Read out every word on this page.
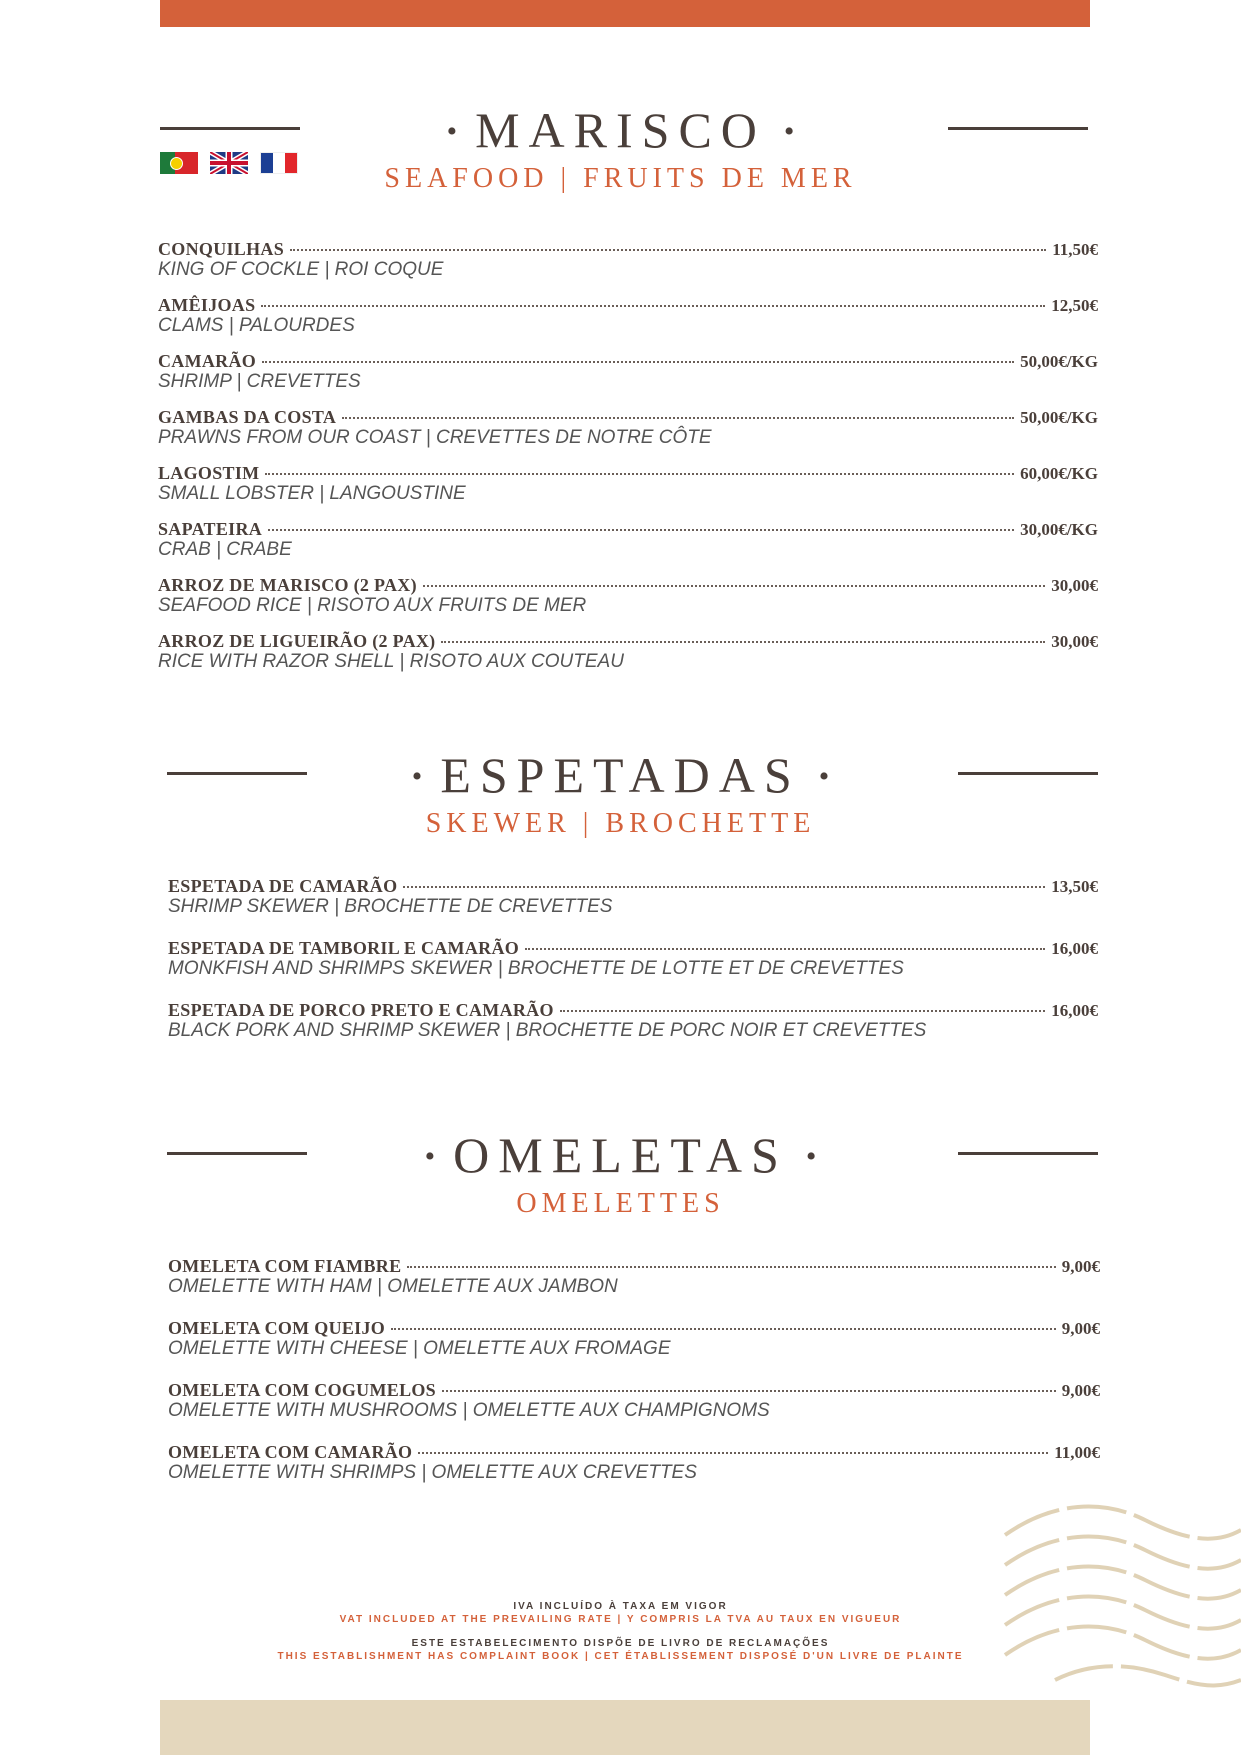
• MARISCO •
SEAFOOD | FRUITS DE MER
CONQUILHAS	11,50€
KING OF COCKLE | ROI COQUE
AMÊIJOAS	12,50€
CLAMS | PALOURDES
CAMARÃO	50,00€/KG
SHRIMP | CREVETTES
GAMBAS DA COSTA	50,00€/KG
PRAWNS FROM OUR COAST | CREVETTES DE NOTRE CÔTE
LAGOSTIM	60,00€/KG
SMALL LOBSTER | LANGOUSTINE
SAPATEIRA	30,00€/KG
CRAB | CRABE
ARROZ DE MARISCO (2 PAX)	30,00€
SEAFOOD RICE | RISOTO AUX FRUITS DE MER
ARROZ DE LIGUEIRÃO (2 PAX)	30,00€
RICE WITH RAZOR SHELL | RISOTO AUX COUTEAU
• ESPETADAS •
SKEWER | BROCHETTE
ESPETADA DE CAMARÃO	13,50€
SHRIMP SKEWER | BROCHETTE DE CREVETTES
ESPETADA DE TAMBORIL E CAMARÃO	16,00€
MONKFISH AND SHRIMPS SKEWER | BROCHETTE DE LOTTE ET DE CREVETTES
ESPETADA DE PORCO PRETO E CAMARÃO	16,00€
BLACK PORK AND SHRIMP SKEWER | BROCHETTE DE PORC NOIR ET CREVETTES
• OMELETAS •
OMELETTES
OMELETA COM FIAMBRE	9,00€
OMELETTE WITH HAM | OMELETTE AUX JAMBON
OMELETA COM QUEIJO	9,00€
OMELETTE WITH CHEESE | OMELETTE AUX FROMAGE
OMELETA COM COGUMELOS	9,00€
OMELETTE WITH MUSHROOMS | OMELETTE AUX CHAMPIGNOMS
OMELETA COM CAMARÃO	11,00€
OMELETTE WITH SHRIMPS | OMELETTE AUX CREVETTES
IVA INCLUÍDO À TAXA EM VIGOR
VAT INCLUDED AT THE PREVAILING RATE | Y COMPRIS LA TVA AU TAUX EN VIGUEUR
ESTE ESTABELECIMENTO DISPÕE DE LIVRO DE RECLAMAÇÕES
THIS ESTABLISHMENT HAS COMPLAINT BOOK | CET ÉTABLISSEMENT DISPOSÉ D'UN LIVRE DE PLAINTE
